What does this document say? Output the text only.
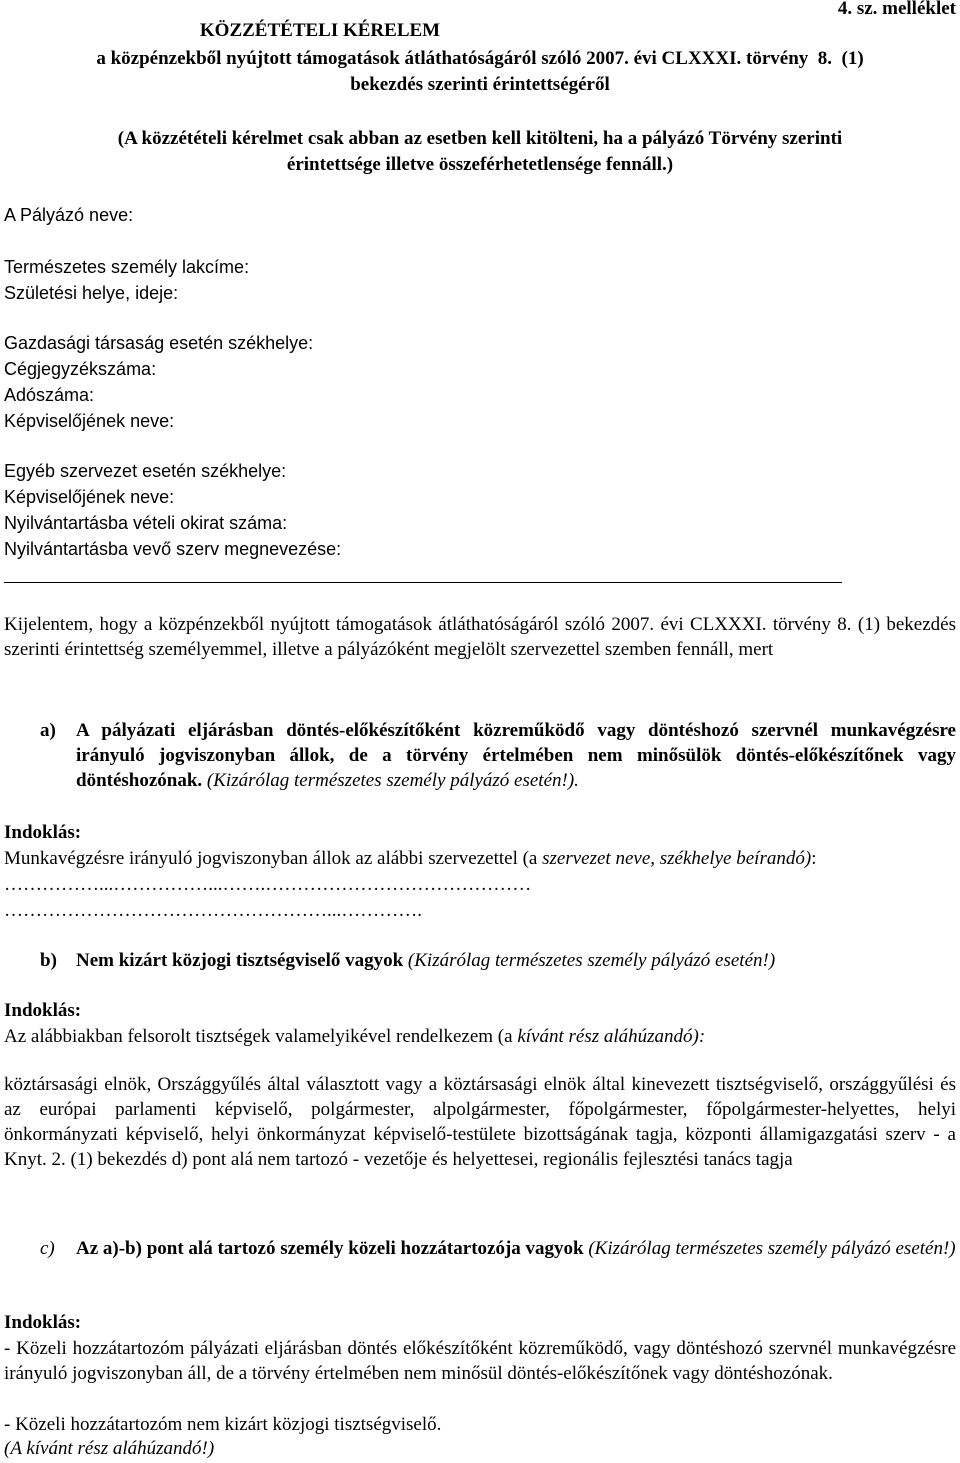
4. sz. melléklet
KÖZZÉTÉTELI KÉRELEM
a közpénzekből nyújtott támogatások átláthatóságáról szóló 2007. évi CLXXXI. törvény  8.  (1)
bekezdés szerinti érintettségéről
(A közzétételi kérelmet csak abban az esetben kell kitölteni, ha a pályázó Törvény szerinti
érintettsége illetve összeférhetetlensége fennáll.)
A Pályázó neve:
Természetes személy lakcíme:
Születési helye, ideje:
Gazdasági társaság esetén székhelye:
Cégjegyzékszáma:
Adószáma:
Képviselőjének neve:
Egyéb szervezet esetén székhelye:
Képviselőjének neve:
Nyilvántartásba vételi okirat száma:
Nyilvántartásba vevő szerv megnevezése:
Kijelentem, hogy a közpénzekből nyújtott támogatások átláthatóságáról szóló 2007. évi CLXXXI. törvény 8. (1) bekezdés szerinti érintettség személyemmel, illetve a pályázóként megjelölt szervezettel szemben fennáll, mert
a) A pályázati eljárásban döntés-előkészítőként közreműködő vagy döntéshozó szervnél munkavégzésre irányuló jogviszonyban állok, de a törvény értelmében nem minősülök döntés-előkészítőnek vagy döntéshozónak. (Kizárólag természetes személy pályázó esetén!).
Indoklás:
Munkavégzésre irányuló jogviszonyban állok az alábbi szervezettel (a szervezet neve, székhelye beírandó):
……………...……………...…….……………………………………
……………………………………………...………….
b) Nem kizárt közjogi tisztségviselő vagyok (Kizárólag természetes személy pályázó esetén!)
Indoklás:
Az alábbiakban felsorolt tisztségek valamelyikével rendelkezem (a kívánt rész aláhúzandó):
köztársasági elnök, Országgyűlés által választott vagy a köztársasági elnök által kinevezett tisztségviselő, országgyűlési és az európai parlamenti képviselő, polgármester, alpolgármester, főpolgármester, főpolgármester-helyettes, helyi önkormányzati képviselő, helyi önkormányzat képviselő-testülete bizottságának tagja, központi államigazgatási szerv - a Knyt. 2. (1) bekezdés d) pont alá nem tartozó - vezetője és helyettesei, regionális fejlesztési tanács tagja
c) Az a)-b) pont alá tartozó személy közeli hozzátartozója vagyok (Kizárólag természetes személy pályázó esetén!)
Indoklás:
- Közeli hozzátartozóm pályázati eljárásban döntés előkészítőként közreműködő, vagy döntéshozó szervnél munkavégzésre irányuló jogviszonyban áll, de a törvény értelmében nem minősül döntés-előkészítőnek vagy döntéshozónak.
- Közeli hozzátartozóm nem kizárt közjogi tisztségviselő.
(A kívánt rész aláhúzandó!)
